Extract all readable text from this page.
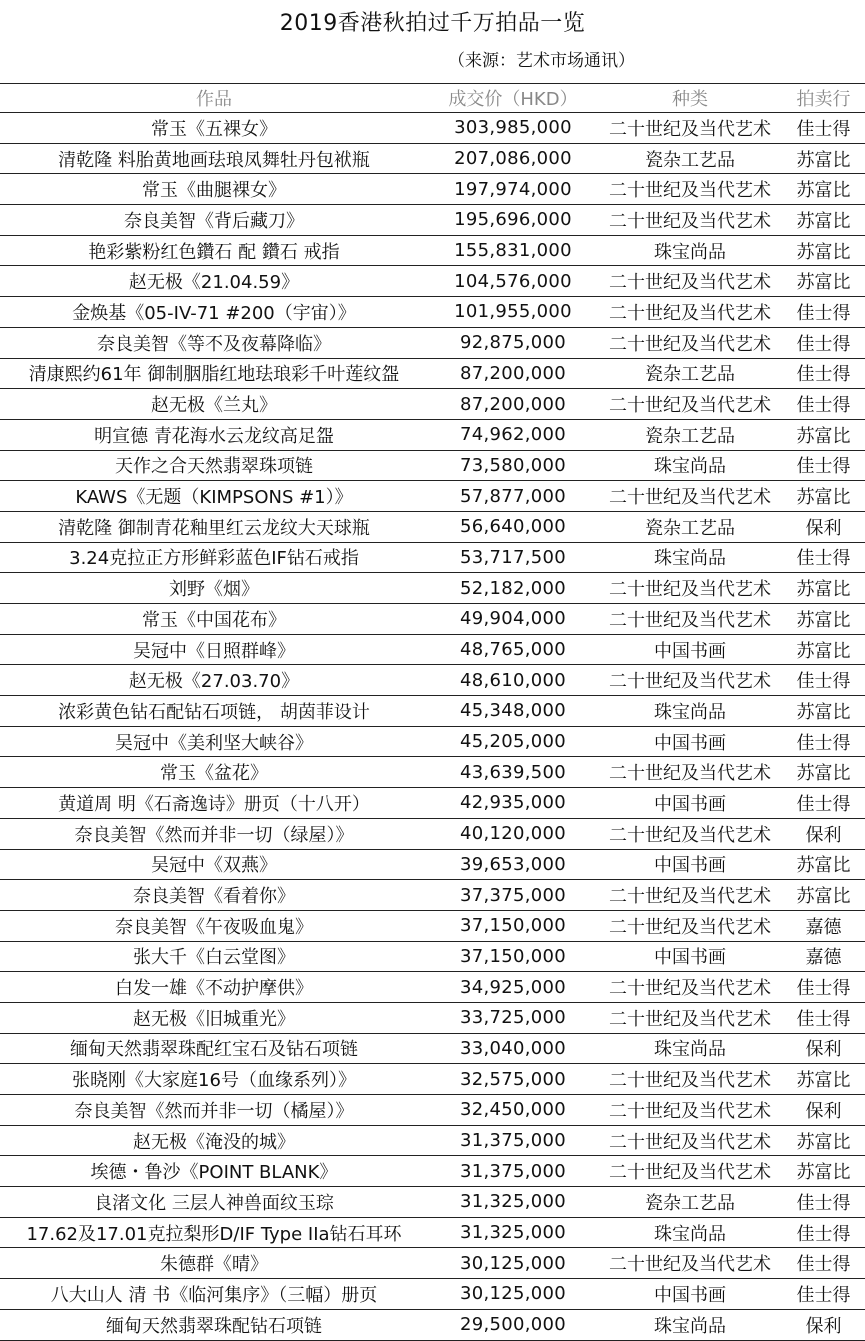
2019香港秋拍过千万拍品一览
（来源：艺术市场通讯）
作品	成交价（HKD）	种类	拍卖行
常玉《五裸女》	303,985,000	二十世纪及当代艺术	佳士得
清乾隆 料胎黄地画珐琅凤舞牡丹包袱瓶	207,086,000	瓷杂工艺品	苏富比
常玉《曲腿裸女》	197,974,000	二十世纪及当代艺术	苏富比
奈良美智《背后藏刀》	195,696,000	二十世纪及当代艺术	苏富比
艳彩紫粉红色鑽石 配 鑽石 戒指	155,831,000	珠宝尚品	苏富比
赵无极《21.04.59》	104,576,000	二十世纪及当代艺术	苏富比
金焕基《05-IV-71 #200（宇宙）》	101,955,000	二十世纪及当代艺术	佳士得
奈良美智《等不及夜幕降临》	92,875,000	二十世纪及当代艺术	佳士得
清康熙约61年 御制胭脂红地珐琅彩千叶莲纹盌	87,200,000	瓷杂工艺品	佳士得
赵无极《兰丸》	87,200,000	二十世纪及当代艺术	佳士得
明宣德 青花海水云龙纹高足盌	74,962,000	瓷杂工艺品	苏富比
天作之合天然翡翠珠项链	73,580,000	珠宝尚品	佳士得
KAWS《无题（KIMPSONS #1）》	57,877,000	二十世纪及当代艺术	苏富比
清乾隆 御制青花釉里红云龙纹大天球瓶	56,640,000	瓷杂工艺品	保利
3.24克拉正方形鲜彩蓝色IF钻石戒指	53,717,500	珠宝尚品	佳士得
刘野《烟》	52,182,000	二十世纪及当代艺术	苏富比
常玉《中国花布》	49,904,000	二十世纪及当代艺术	苏富比
吴冠中《日照群峰》	48,765,000	中国书画	苏富比
赵无极《27.03.70》	48,610,000	二十世纪及当代艺术	佳士得
浓彩黄色钻石配钻石项链， 胡茵菲设计	45,348,000	珠宝尚品	苏富比
吴冠中《美利坚大峡谷》	45,205,000	中国书画	佳士得
常玉《盆花》	43,639,500	二十世纪及当代艺术	苏富比
黄道周 明《石斋逸诗》册页（十八开）	42,935,000	中国书画	佳士得
奈良美智《然而并非一切（绿屋）》	40,120,000	二十世纪及当代艺术	保利
吴冠中《双燕》	39,653,000	中国书画	苏富比
奈良美智《看着你》	37,375,000	二十世纪及当代艺术	苏富比
奈良美智《午夜吸血鬼》	37,150,000	二十世纪及当代艺术	嘉德
张大千《白云堂图》	37,150,000	中国书画	嘉德
白发一雄《不动护摩供》	34,925,000	二十世纪及当代艺术	佳士得
赵无极《旧城重光》	33,725,000	二十世纪及当代艺术	佳士得
缅甸天然翡翠珠配红宝石及钻石项链	33,040,000	珠宝尚品	保利
张晓刚《大家庭16号（血缘系列）》	32,575,000	二十世纪及当代艺术	苏富比
奈良美智《然而并非一切（橘屋）》	32,450,000	二十世纪及当代艺术	保利
赵无极《淹没的城》	31,375,000	二十世纪及当代艺术	苏富比
埃德・鲁沙《POINT BLANK》	31,375,000	二十世纪及当代艺术	苏富比
良渚文化 三层人神兽面纹玉琮	31,325,000	瓷杂工艺品	佳士得
17.62及17.01克拉梨形D/IF Type IIa钻石耳环	31,325,000	珠宝尚品	佳士得
朱德群《晴》	30,125,000	二十世纪及当代艺术	佳士得
八大山人 清 书《临河集序》（三幅）册页	30,125,000	中国书画	佳士得
缅甸天然翡翠珠配钻石项链	29,500,000	珠宝尚品	保利
